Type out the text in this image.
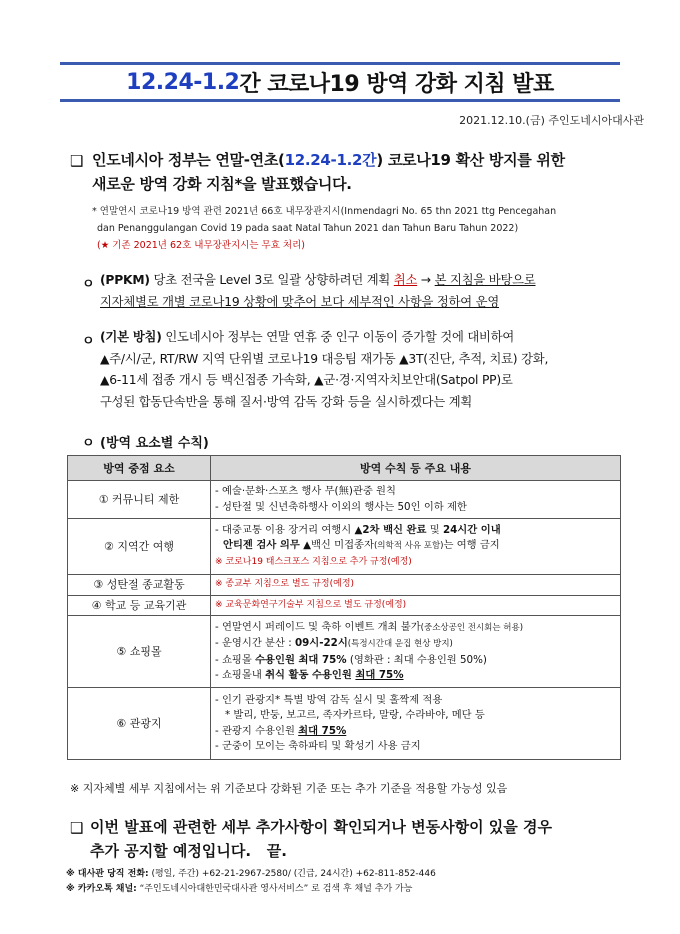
12.24-1.2 간 코로나19 방역 강화 지침 발표
2021.12.10.(금) 주인도네시아대사관
❑ 인도네시아 정부는 연말-연초(12.24-1.2간) 코로나19 확산 방지를 위한
새로운 방역 강화 지침*을 발표했습니다.
* 연말연시 코로나19 방역 관련 2021년 66호 내무장관지시(Inmendagri No. 65 thn 2021 ttg Pencegahan
dan Penanggulangan Covid 19 pada saat Natal Tahun 2021 dan Tahun Baru Tahun 2022)
(★ 기존 2021년 62호 내무장관지시는 무효 처리)
ㅇ (PPKM) 당초 전국을 Level 3로 일괄 상향하려던 계획 취소 → 본 지침을 바탕으로
지자체별로 개별 코로나19 상황에 맞추어 보다 세부적인 사항을 정하여 운영
ㅇ (기본 방침) 인도네시아 정부는 연말 연휴 중 인구 이동이 증가할 것에 대비하여
▲주/시/군, RT/RW 지역 단위별 코로나19 대응팀 재가동 ▲3T(진단, 추적, 치료) 강화,
▲6-11세 접종 개시 등 백신접종 가속화, ▲군·경·지역자치보안대(Satpol PP)로
구성된 합동단속반을 통해 질서·방역 감독 강화 등을 실시하겠다는 계획
ㅇ (방역 요소별 수칙)
방역 중점 요소	방역 수칙 등 주요 내용
① 커뮤니티 제한	- 예술·문화·스포츠 행사 무(無)관중 원칙
- 성탄절 및 신년축하행사 이외의 행사는 50인 이하 제한

② 지역간 여행	- 대중교통 이용 장거리 여행시 ▲2차 백신 완료 및 24시간 이내
안티젠 검사 의무 ▲백신 미접종자(의학적 사유 포함)는 여행 금지
※ 코로나19 태스크포스 지침으로 추가 규정(예정)

③ 성탄절 종교활동	※ 종교부 지침으로 별도 규정(예정)

④ 학교 등 교육기관	※ 교육문화연구기술부 지침으로 별도 규정(예정)

⑤ 쇼핑몰	- 연말연시 퍼레이드 및 축하 이벤트 개최 불가(중소상공인 전시회는 허용)
- 운영시간 분산 : 09시-22시(특정시간대 운집 현상 방지)
- 쇼핑몰 수용인원 최대 75% (영화관 : 최대 수용인원 50%)
- 쇼핑몰내 취식 활동 수용인원 최대 75%

⑥ 관광지	- 인기 관광지* 특별 방역 감독 실시 및 홀짝제 적용
* 발리, 반둥, 보고르, 족자카르타, 말랑, 수라바야, 메단 등
- 관광지 수용인원 최대 75%
- 군중이 모이는 축하파티 및 확성기 사용 금지
※ 지자체별 세부 지침에서는 위 기준보다 강화된 기준 또는 추가 기준을 적용할 가능성 있음
❑ 이번 발표에 관련한 세부 추가사항이 확인되거나 변동사항이 있을 경우
추가 공지할 예정입니다.   끝.
※ 대사관 당직 전화: (평일, 주간) +62-21-2967-2580/ (긴급, 24시간) +62-811-852-446
※ 카카오톡 채널: “주인도네시아대한민국대사관 영사서비스” 로 검색 후 채널 추가 가능
